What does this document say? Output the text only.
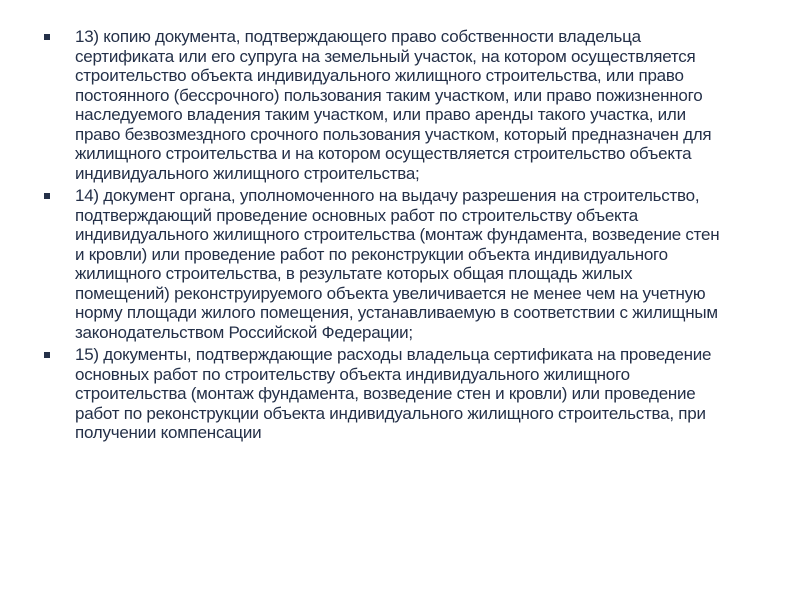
13) копию документа, подтверждающего право собственности владельца сертификата или его супруга на земельный участок, на котором осуществляется строительство объекта индивидуального жилищного строительства, или право постоянного (бессрочного) пользования таким участком, или право пожизненного наследуемого владения таким участком, или право аренды такого участка, или право безвозмездного срочного пользования участком, который предназначен для жилищного строительства и на котором осуществляется строительство объекта индивидуального жилищного строительства;
14) документ органа, уполномоченного на выдачу разрешения на строительство, подтверждающий проведение основных работ по строительству объекта индивидуального жилищного строительства (монтаж фундамента, возведение стен и кровли) или проведение работ по реконструкции объекта индивидуального жилищного строительства, в результате которых общая площадь жилых помещений) реконструируемого объекта увеличивается не менее чем на учетную норму площади жилого помещения, устанавливаемую в соответствии с жилищным законодательством Российской Федерации;
15) документы, подтверждающие расходы владельца сертификата на проведение основных работ по строительству объекта индивидуального жилищного строительства (монтаж фундамента, возведение стен и кровли) или проведение работ по реконструкции объекта индивидуального жилищного строительства, при получении компенсации
